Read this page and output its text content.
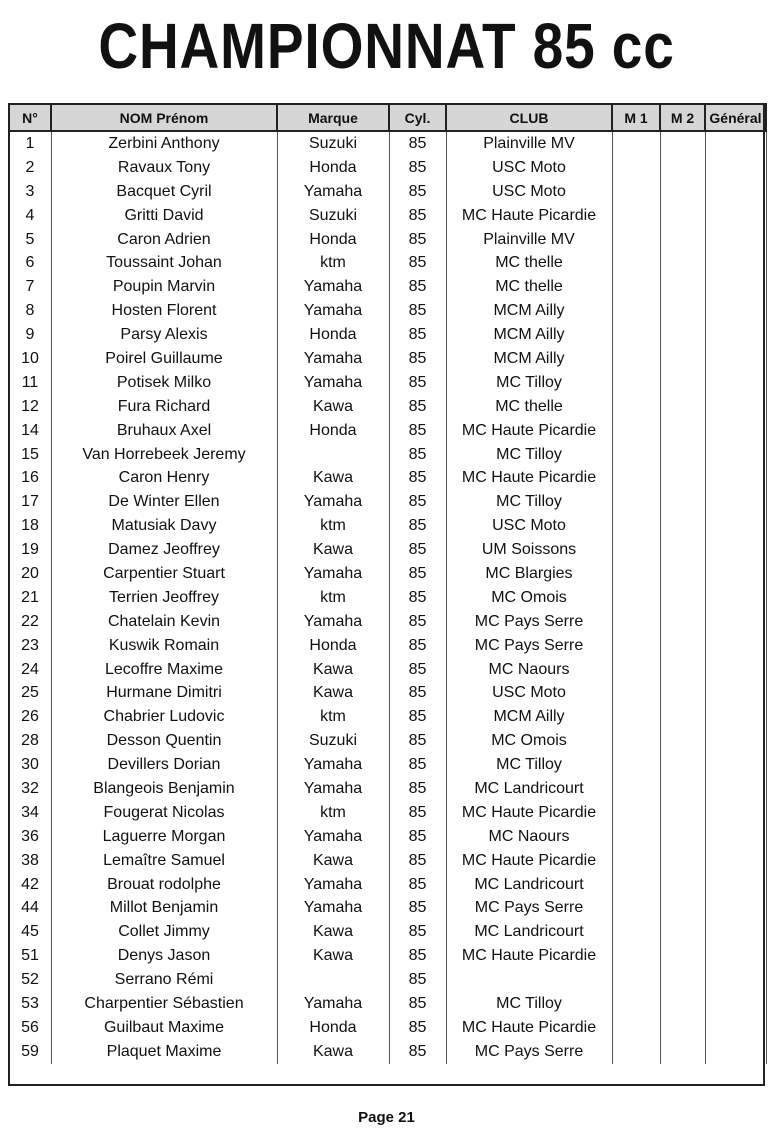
CHAMPIONNAT 85 cc
N°	NOM Prénom	Marque	Cyl.	CLUB	M 1	M 2	Général
1	Zerbini Anthony	Suzuki	85	Plainville MV			
2	Ravaux Tony	Honda	85	USC Moto			
3	Bacquet Cyril	Yamaha	85	USC Moto			
4	Gritti David	Suzuki	85	MC Haute Picardie			
5	Caron Adrien	Honda	85	Plainville MV			
6	Toussaint Johan	ktm	85	MC thelle			
7	Poupin Marvin	Yamaha	85	MC thelle			
8	Hosten Florent	Yamaha	85	MCM Ailly			
9	Parsy Alexis	Honda	85	MCM Ailly			
10	Poirel Guillaume	Yamaha	85	MCM Ailly			
11	Potisek Milko	Yamaha	85	MC Tilloy			
12	Fura Richard	Kawa	85	MC thelle			
14	Bruhaux Axel	Honda	85	MC Haute Picardie			
15	Van Horrebeek Jeremy		85	MC Tilloy			
16	Caron Henry	Kawa	85	MC Haute Picardie			
17	De Winter Ellen	Yamaha	85	MC Tilloy			
18	Matusiak Davy	ktm	85	USC Moto			
19	Damez Jeoffrey	Kawa	85	UM Soissons			
20	Carpentier Stuart	Yamaha	85	MC Blargies			
21	Terrien Jeoffrey	ktm	85	MC Omois			
22	Chatelain Kevin	Yamaha	85	MC Pays Serre			
23	Kuswik Romain	Honda	85	MC Pays Serre			
24	Lecoffre Maxime	Kawa	85	MC Naours			
25	Hurmane Dimitri	Kawa	85	USC Moto			
26	Chabrier Ludovic	ktm	85	MCM Ailly			
28	Desson Quentin	Suzuki	85	MC Omois			
30	Devillers Dorian	Yamaha	85	MC Tilloy			
32	Blangeois Benjamin	Yamaha	85	MC Landricourt			
34	Fougerat Nicolas	ktm	85	MC Haute Picardie			
36	Laguerre Morgan	Yamaha	85	MC Naours			
38	Lemaître Samuel	Kawa	85	MC Haute Picardie			
42	Brouat rodolphe	Yamaha	85	MC Landricourt			
44	Millot Benjamin	Yamaha	85	MC Pays Serre			
45	Collet Jimmy	Kawa	85	MC Landricourt			
51	Denys Jason	Kawa	85	MC Haute Picardie			
52	Serrano Rémi		85				
53	Charpentier Sébastien	Yamaha	85	MC Tilloy			
56	Guilbaut Maxime	Honda	85	MC Haute Picardie			
59	Plaquet Maxime	Kawa	85	MC Pays Serre			
Page 21
